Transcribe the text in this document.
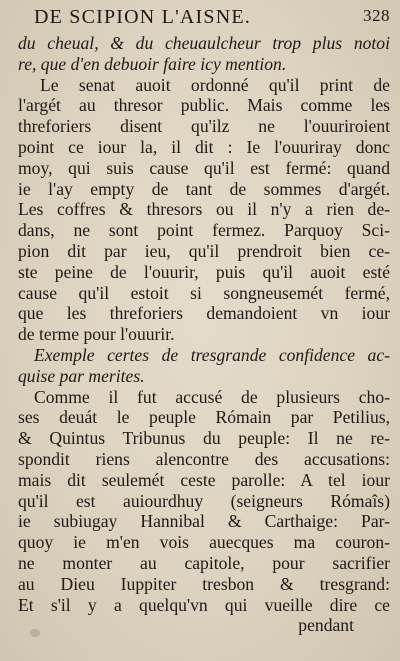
DE SCIPION L'AISNE.	328
du cheual, & du cheuaulcheur trop plus notoi
re, que d'en debuoir faire icy mention.
Le senat auoit ordonné qu'il print de
l'argét au thresor public. Mais comme les
threforiers disent qu'ilz ne l'ouuriroient
point ce iour la, il dit : Ie l'ouuriray donc
moy, qui suis cause qu'il est fermé: quand
ie l'ay empty de tant de sommes d'argét.
Les coffres & thresors ou il n'y a rien de-
dans, ne sont point fermez. Parquoy Sci-
pion dit par ieu, qu'il prendroit bien ce-
ste peine de l'ouurir, puis qu'il auoit esté
cause qu'il estoit si songneusemét fermé,
que les threforiers demandoient vn iour
de terme pour l'ouurir.
Exemple certes de tresgrande confidence ac-
quise par merites.
Comme il fut accusé de plusieurs cho-
ses deuát le peuple Rómain par Petilius,
& Quintus Tribunus du peuple: Il ne re-
spondit riens alencontre des accusations:
mais dit seulemét ceste parolle: A tel iour
qu'il est auiourdhuy (seigneurs Rómaîs)
ie subiugay Hannibal & Carthaige: Par-
quoy ie m'en vois auecques ma couron-
ne monter au capitole, pour sacrifier
au Dieu Iuppiter tresbon & tresgrand:
Et s'il y a quelqu'vn qui vueille dire ce
pendant
